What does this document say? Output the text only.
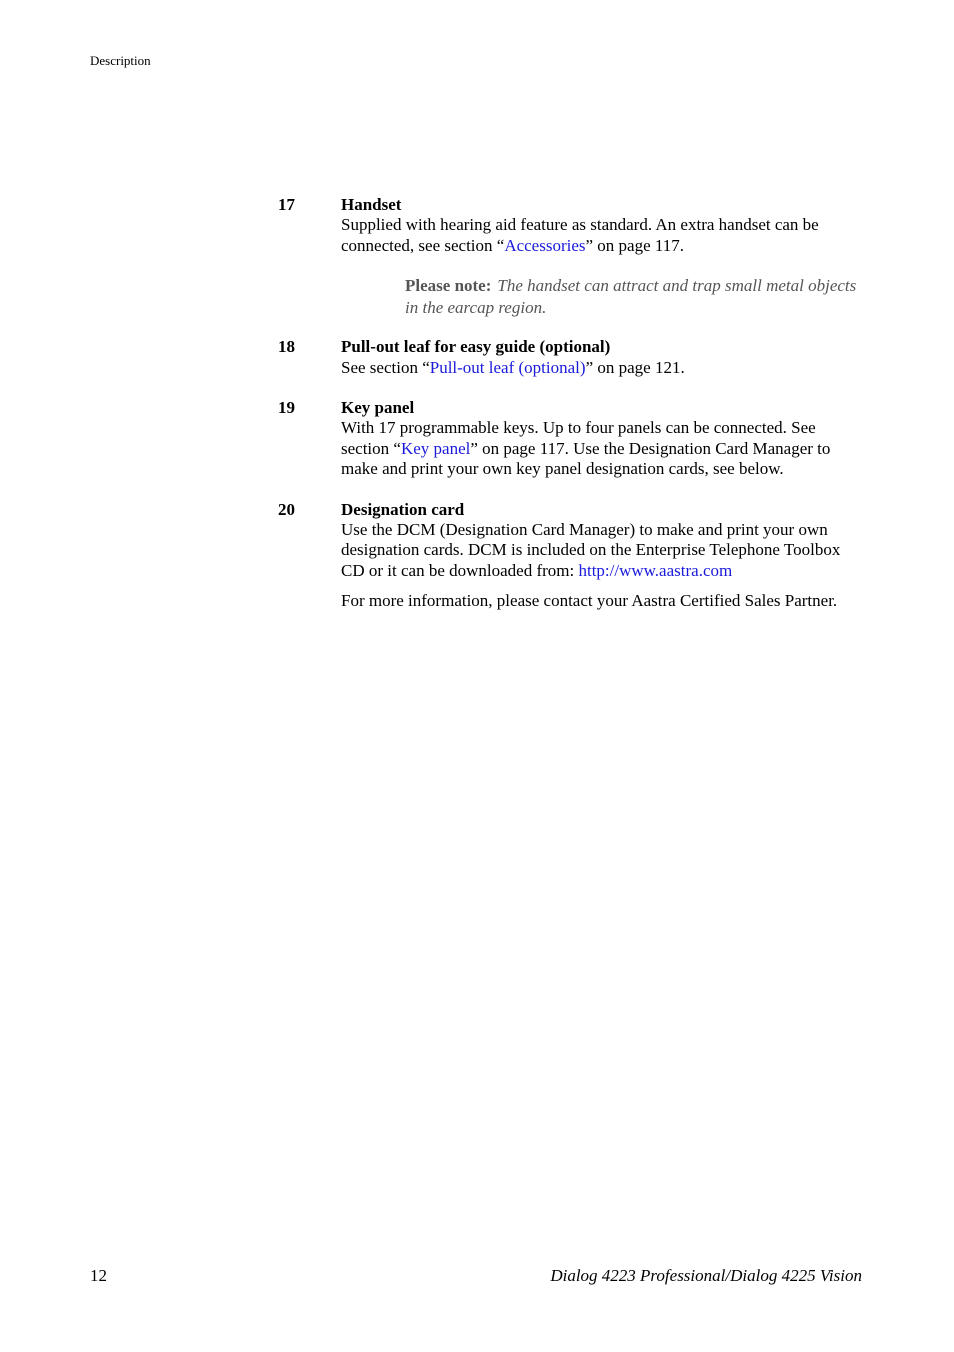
Description
17	Handset
Supplied with hearing aid feature as standard. An extra handset can be connected, see section “Accessories” on page 117.
Please note: The handset can attract and trap small metal objects in the earcap region.
18	Pull-out leaf for easy guide (optional)
See section “Pull-out leaf (optional)” on page 121.
19	Key panel
With 17 programmable keys. Up to four panels can be connected. See section “Key panel” on page 117. Use the Designation Card Manager to make and print your own key panel designation cards, see below.
20	Designation card
Use the DCM (Designation Card Manager) to make and print your own designation cards. DCM is included on the Enterprise Telephone Toolbox CD or it can be downloaded from: http://www.aastra.com
For more information, please contact your Aastra Certified Sales Partner.
12	Dialog 4223 Professional/Dialog 4225 Vision
